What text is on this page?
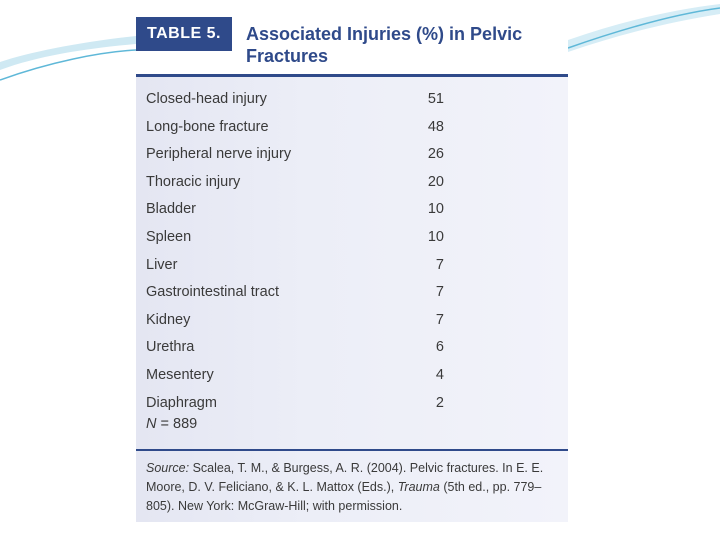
TABLE 5.	Associated Injuries (%) in Pelvic Fractures
Closed-head injury	51
Long-bone fracture	48
Peripheral nerve injury	26
Thoracic injury	20
Bladder	10
Spleen	10
Liver	7
Gastrointestinal tract	7
Kidney	7
Urethra	6
Mesentery	4
Diaphragm	2
N = 889
Source: Scalea, T. M., & Burgess, A. R. (2004). Pelvic fractures. In E. E. Moore, D. V. Feliciano, & K. L. Mattox (Eds.), Trauma (5th ed., pp. 779–805). New York: McGraw-Hill; with permission.
